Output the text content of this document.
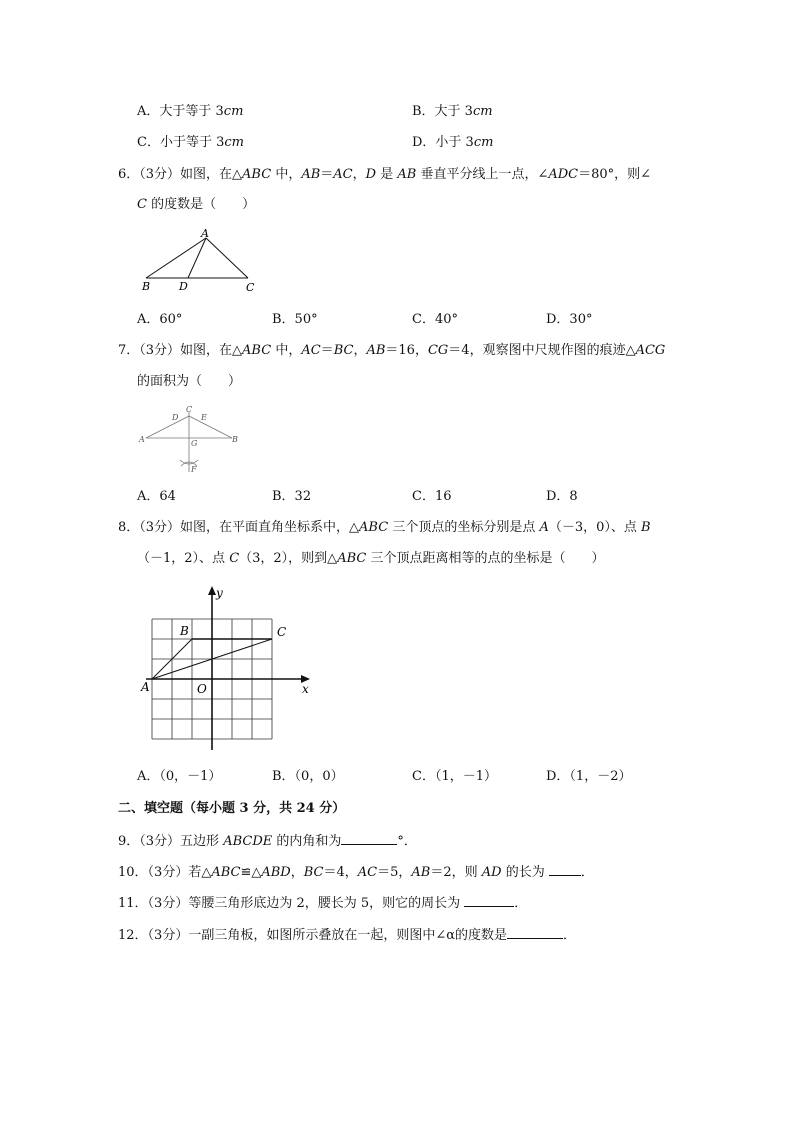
A．大于等于 3cm	B．大于 3cm
C．小于等于 3cm	D．小于 3cm
6．（3分）如图，在△ABC 中，AB＝AC，D 是 AB 垂直平分线上一点，∠ADC＝80°，则∠
C 的度数是（　　）
A
B	D	C
A．60°	B．50°	C．40°	D．30°
7．（3分）如图，在△ABC 中，AC＝BC，AB＝16，CG＝4，观察图中尺规作图的痕迹△ACG
的面积为（　　）
C
D	E
A	G	B
F
A．64	B．32	C．16	D．8
8．（3分）如图，在平面直角坐标系中，△ABC 三个顶点的坐标分别是点 A（－3，0）、点 B
（－1，2）、点 C（3，2），则到△ABC 三个顶点距离相等的点的坐标是（　　）
y
x
O
A
B	C
A．（0，－1）	B．（0，0）	C．（1，－1）	D．（1，－2）
二、填空题（每小题 3 分，共 24 分）
9．（3分）五边形 ABCDE 的内角和为	°．
10．（3分）若△ABC≌△ABD，BC＝4，AC＝5，AB＝2，则 AD 的长为 ．
11．（3分）等腰三角形底边为 2，腰长为 5，则它的周长为	．
12．（3分）一副三角板，如图所示叠放在一起，则图中∠α的度数是	．
